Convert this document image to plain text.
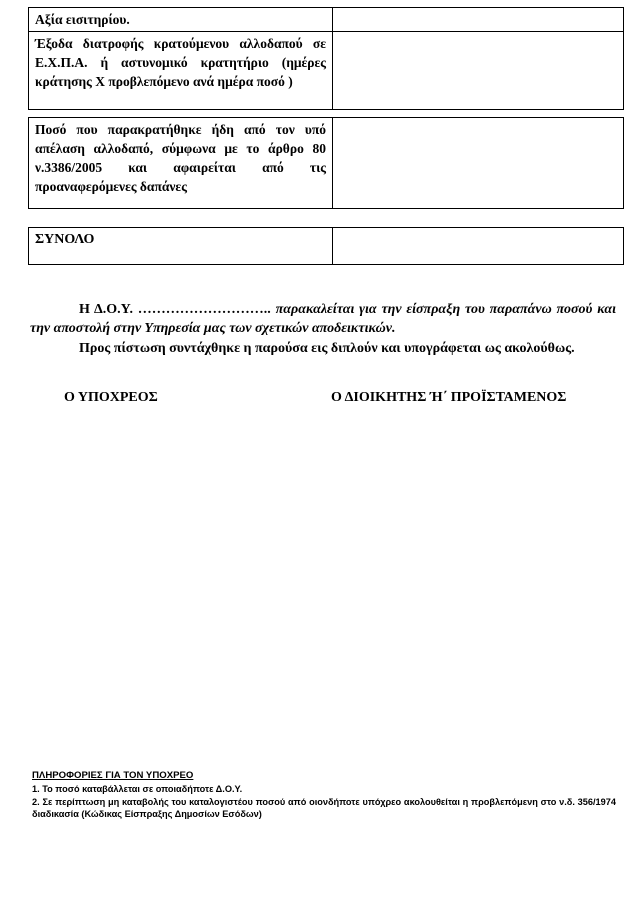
Αξία εισιτηρίου.	
Έξοδα διατροφής κρατούμενου αλλοδαπού σε Ε.Χ.Π.Α. ή αστυνομικό κρατητήριο (ημέρες κράτησης Χ προβλεπόμενο ανά ημέρα ποσό )	
Ποσό που παρακρατήθηκε ήδη από τον υπό απέλαση αλλοδαπό, σύμφωνα με το άρθρο 80 ν.3386/2005 και αφαιρείται από τις προαναφερόμενες δαπάνες	
ΣΥΝΟΛΟ	
Η Δ.Ο.Υ. ……………………….. παρακαλείται για την είσπραξη του παραπάνω ποσού και την αποστολή στην Υπηρεσία μας των σχετικών αποδεικτικών.
Προς πίστωση συντάχθηκε η παρούσα εις διπλούν και υπογράφεται ως ακολούθως.
Ο ΥΠΟΧΡΕΟΣ	Ο ΔΙΟΙΚΗΤΗΣ Ή΄ ΠΡΟΪΣΤΑΜΕΝΟΣ
ΠΛΗΡΟΦΟΡΙΕΣ ΓΙΑ ΤΟΝ ΥΠΟΧΡΕΟ
1. Το ποσό καταβάλλεται σε οποιαδήποτε Δ.Ο.Υ.
2. Σε περίπτωση μη καταβολής του καταλογιστέου ποσού από οιονδήποτε υπόχρεο ακολουθείται η προβλεπόμενη στο ν.δ. 356/1974 διαδικασία (Κώδικας Είσπραξης Δημοσίων Εσόδων)
